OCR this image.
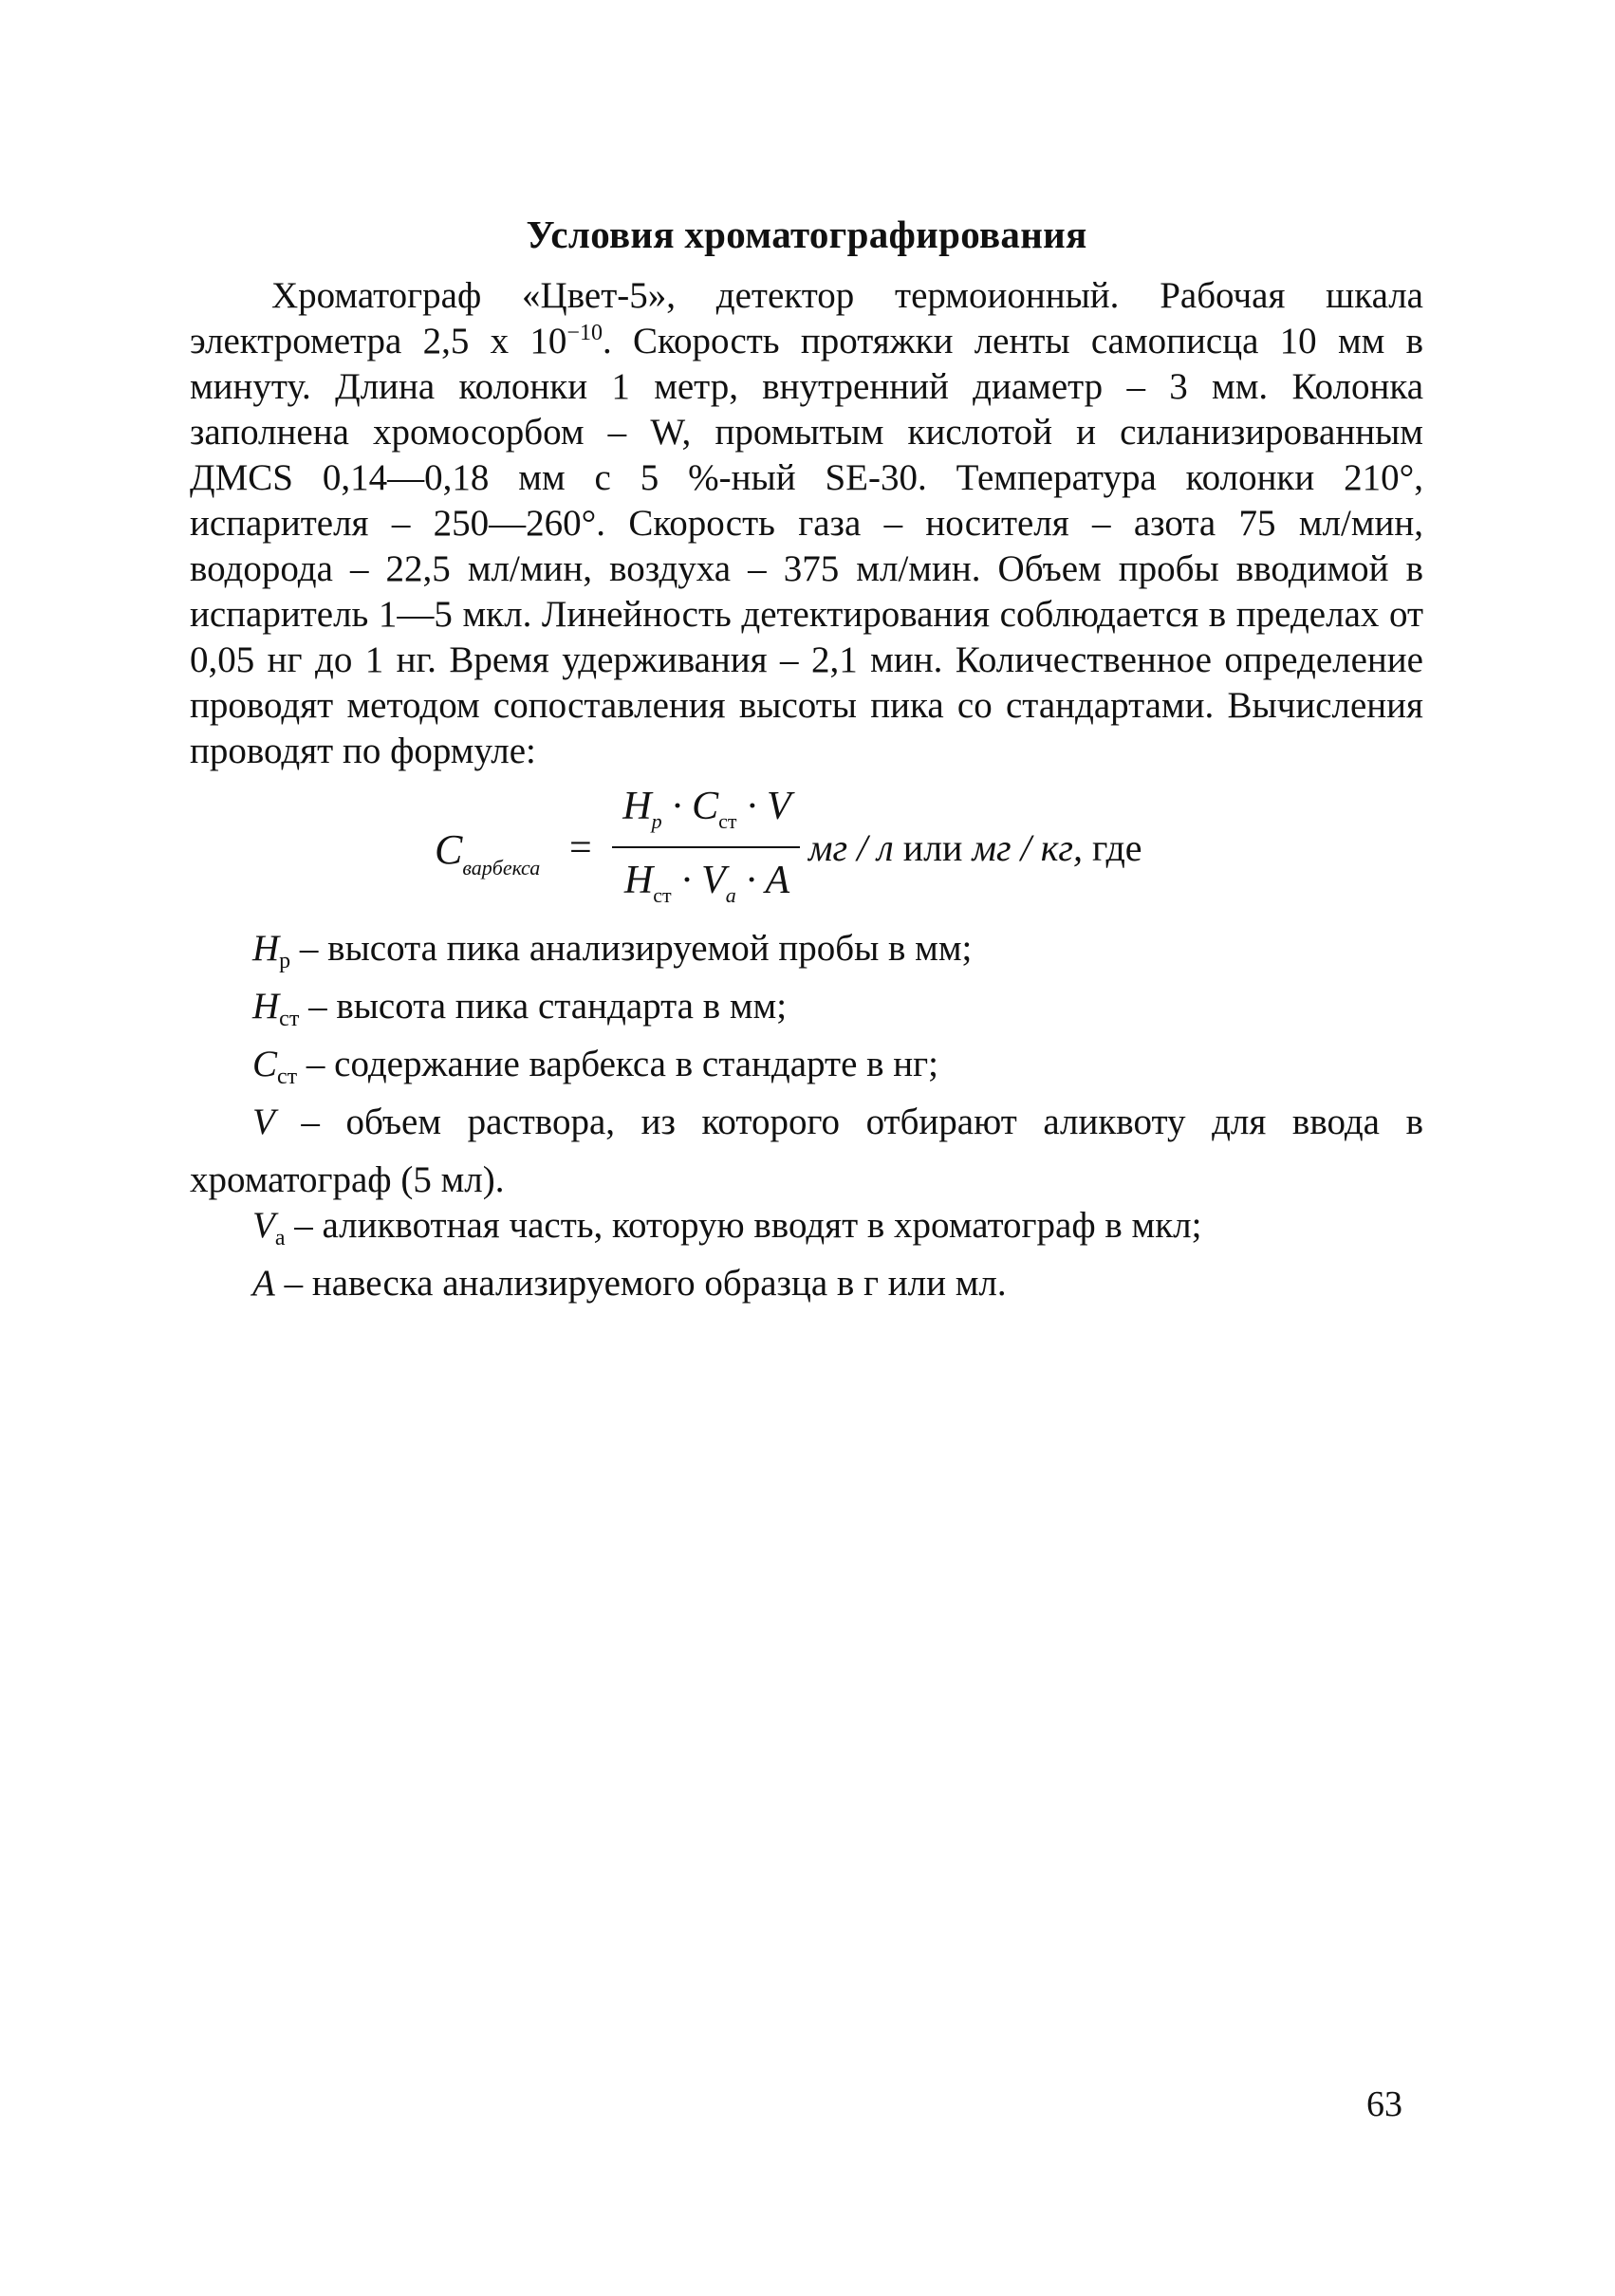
Условия хроматографирования

Хроматограф «Цвет-5», детектор термоионный. Рабочая шкала электрометра 2,5 х $10^{-10}$. Скорость протяжки ленты самописца 10 мм в минуту. Длина колонки 1 метр, внутренний диаметр – 3 мм. Колонка заполнена хромосорбом – W, промытым кислотой и силанизированным ДМCS 0,14—0,18 мм с 5 %-ный SE-30. Температура колонки 210°, испарителя – 250—260°. Скорость газа – носителя – азота 75 мл/мин, водорода – 22,5 мл/мин, воздуха – 375 мл/мин. Объем пробы вводимой в испаритель 1—5 мкл. Линейность детектирования соблюдается в пределах от 0,05 нг до 1 нг. Время удерживания – 2,1 мин. Количественное определение проводят методом сопоставления высоты пика со стандартами. Вычисления проводят по формуле:

$C_{варбекса}$ =
$H_p \cdot C_{ст} \cdot V$
$H_{ст} \cdot V_a \cdot A$
мг / л или мг / кг, где
$H_р$ – высота пика анализируемой пробы в мм;
$H_{ст}$ – высота пика стандарта в мм;
$C_{ст}$ – содержание варбекса в стандарте в нг;
V – объем раствора, из которого отбирают аликвоту для ввода в хроматограф (5 мл).
$V_a$ – аликвотная часть, которую вводят в хроматограф в мкл;
A – навеска анализируемого образца в г или мл.
63
